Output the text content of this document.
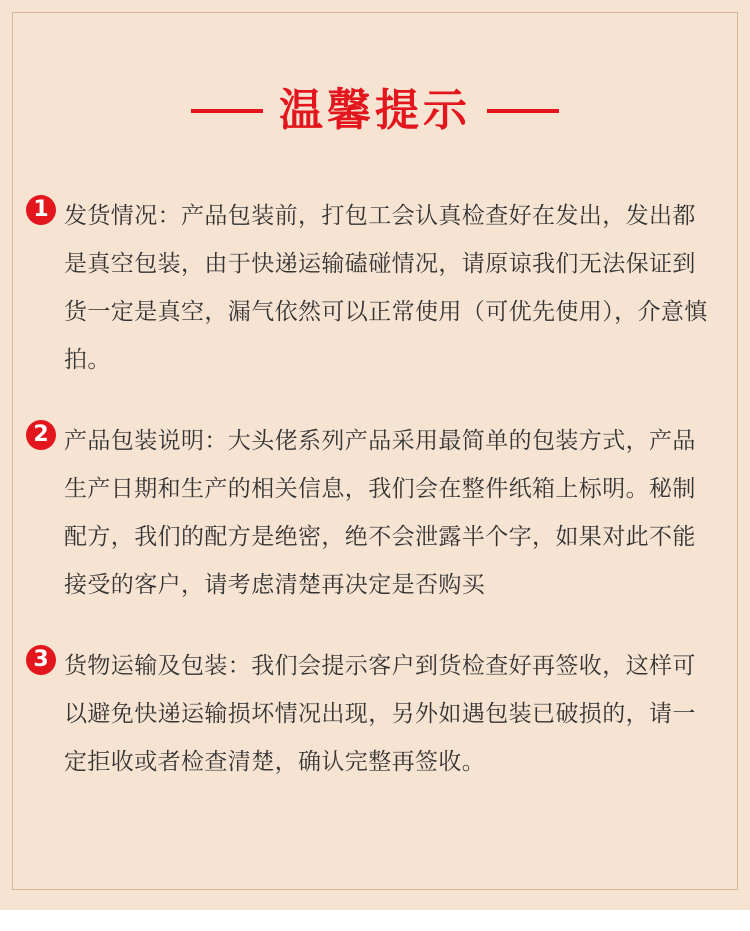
温馨提示
1 发货情况：产品包装前，打包工会认真检查好在发出，发出都是真空包装，由于快递运输磕碰情况，请原谅我们无法保证到货一定是真空，漏气依然可以正常使用（可优先使用），介意慎拍。

2 产品包装说明：大头佬系列产品采用最简单的包装方式，产品生产日期和生产的相关信息，我们会在整件纸箱上标明。秘制配方，我们的配方是绝密，绝不会泄露半个字，如果对此不能接受的客户，请考虑清楚再决定是否购买

3 货物运输及包装：我们会提示客户到货检查好再签收，这样可以避免快递运输损坏情况出现，另外如遇包装已破损的，请一定拒收或者检查清楚，确认完整再签收。
